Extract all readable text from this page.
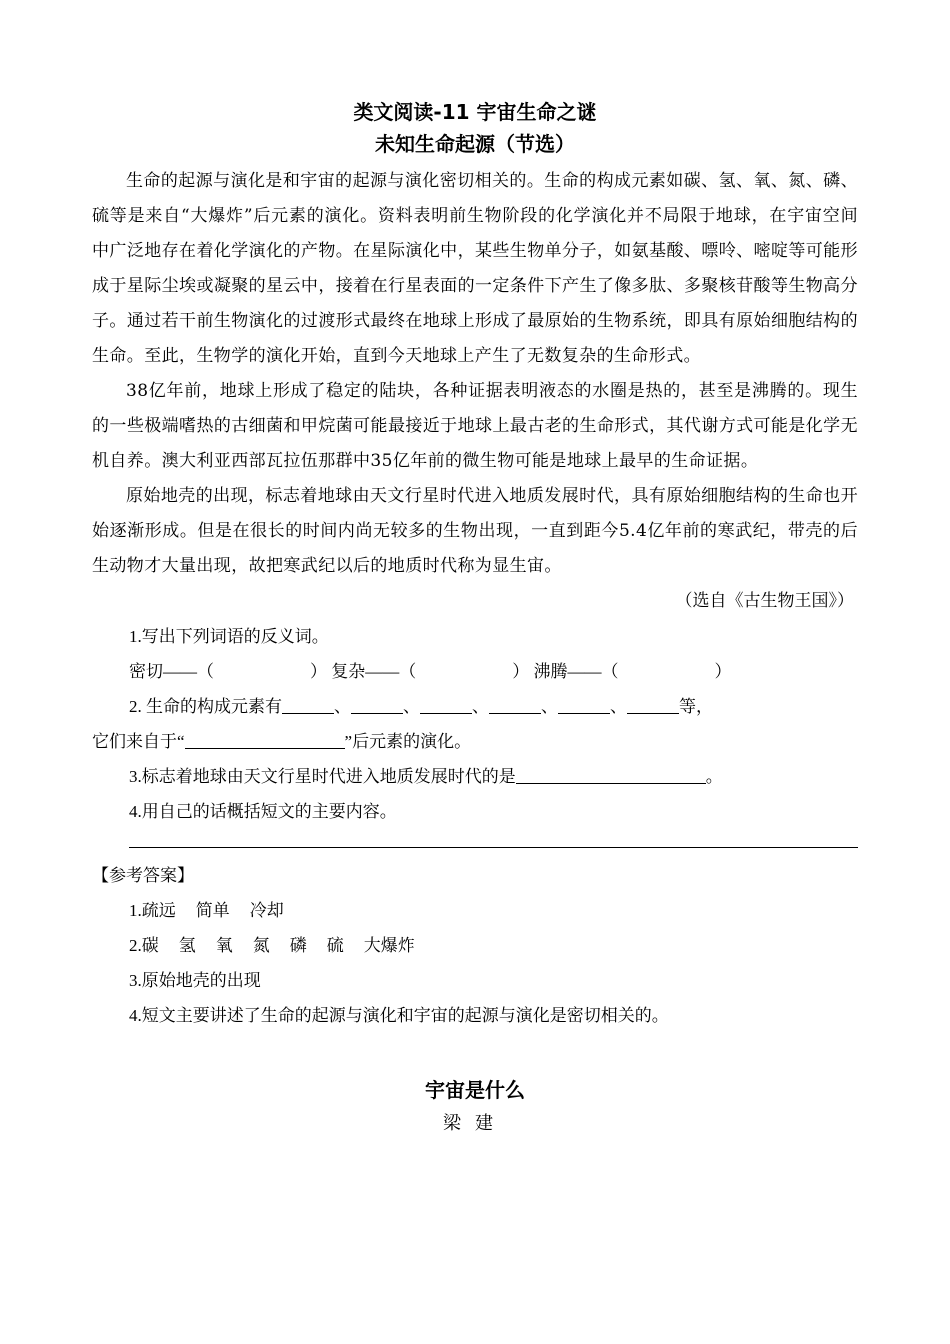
类文阅读-11 宇宙生命之谜
未知生命起源（节选）

生命的起源与演化是和宇宙的起源与演化密切相关的。生命的构成元素如碳、氢、氧、氮、磷、硫等是来自“大爆炸”后元素的演化。资料表明前生物阶段的化学演化并不局限于地球，在宇宙空间中广泛地存在着化学演化的产物。在星际演化中，某些生物单分子，如氨基酸、嘌呤、嘧啶等可能形成于星际尘埃或凝聚的星云中，接着在行星表面的一定条件下产生了像多肽、多聚核苷酸等生物高分子。通过若干前生物演化的过渡形式最终在地球上形成了最原始的生物系统，即具有原始细胞结构的生命。至此，生物学的演化开始，直到今天地球上产生了无数复杂的生命形式。

38亿年前，地球上形成了稳定的陆块，各种证据表明液态的水圈是热的，甚至是沸腾的。现生的一些极端嗜热的古细菌和甲烷菌可能最接近于地球上最古老的生命形式，其代谢方式可能是化学无机自养。澳大利亚西部瓦拉伍那群中35亿年前的微生物可能是地球上最早的生命证据。

原始地壳的出现，标志着地球由天文行星时代进入地质发展时代，具有原始细胞结构的生命也开始逐渐形成。但是在很长的时间内尚无较多的生物出现，一直到距今5.4亿年前的寒武纪，带壳的后生动物才大量出现，故把寒武纪以后的地质时代称为显生宙。

（选自《古生物王国》）

1.写出下列词语的反义词。

密切——（	） 复杂——（	） 沸腾——（	）

2. 生命的构成元素有	、	、	、	、	、	等，

它们来自于“	”后元素的演化。

3.标志着地球由天文行星时代进入地质发展时代的是	。

4.用自己的话概括短文的主要内容。

【参考答案】

1.疏远 简单 冷却

2.碳 氢 氧 氮 磷 硫 大爆炸

3.原始地壳的出现

4.短文主要讲述了生命的起源与演化和宇宙的起源与演化是密切相关的。

宇宙是什么

梁建
